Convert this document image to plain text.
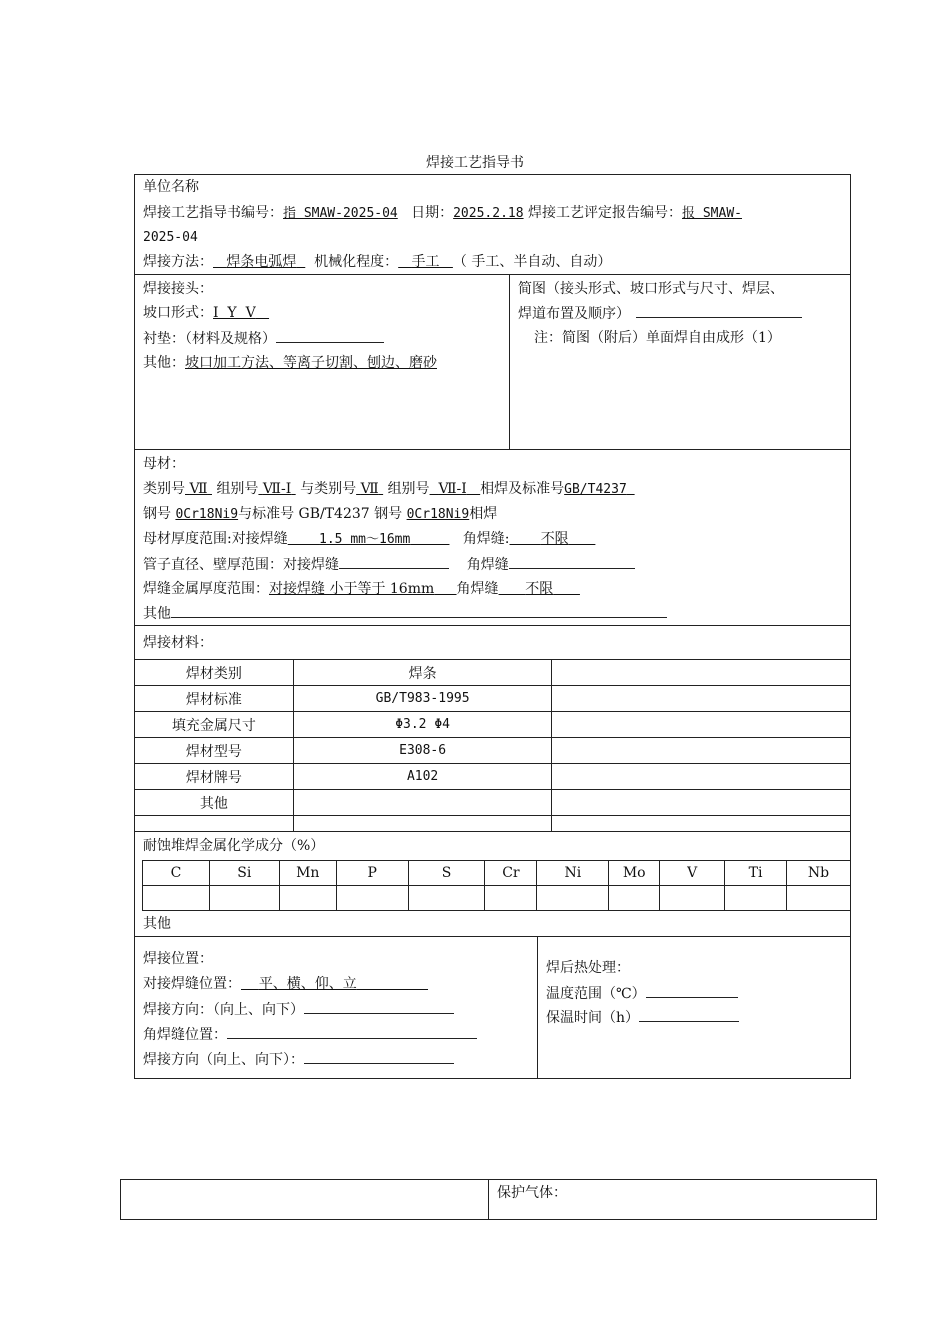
焊接工艺指导书
单位名称
焊接工艺指导书编号：指 SMAW-2025-04 日期：2025.2.18 焊接工艺评定报告编号：报 SMAW-
2025-04
焊接方法： 焊条电弧焊 机械化程度： 手工 （ 手工、半自动、自动）
焊接接头：
坡口形式：I  Y  V
衬垫：（材料及规格）
其他：坡口加工方法、等离子切割、刨边、磨砂
简图（接头形式、坡口形式与尺寸、焊层、
焊道布置及顺序）
注：简图（附后）单面焊自由成形（1）
母材：
类别号 Ⅶ 组别号 Ⅶ-Ⅰ 与类别号 Ⅶ 组别号 Ⅶ-Ⅰ 相焊及标准号GB/T4237
钢号 0Cr18Ni9与标准号 GB/T4237 钢号 0Cr18Ni9相焊
母材厚度范围:对接焊缝 1.5 mm～16mm	角焊缝: 不限
管子直径、壁厚范围：对接焊缝	角焊缝
焊缝金属厚度范围：对接焊缝 小于等于 16mm 角焊缝 不限
其他
焊接材料：
焊材类别	焊条	
焊材标准	GB/T983-1995	
填充金属尺寸	Φ3.2 Φ4	
焊材型号	E308-6	
焊材牌号	A102	
其他		

耐蚀堆焊金属化学成分（%）
C	Si	Mn	P	S	Cr	Ni	Mo	V	Ti	Nb

其他
焊接位置：
对接焊缝位置： 平、横、仰、立
焊接方向：（向上、向下）
角焊缝位置：
焊接方向（向上、向下）：
焊后热处理：
温度范围（℃）
保温时间（h）
保护气体：
